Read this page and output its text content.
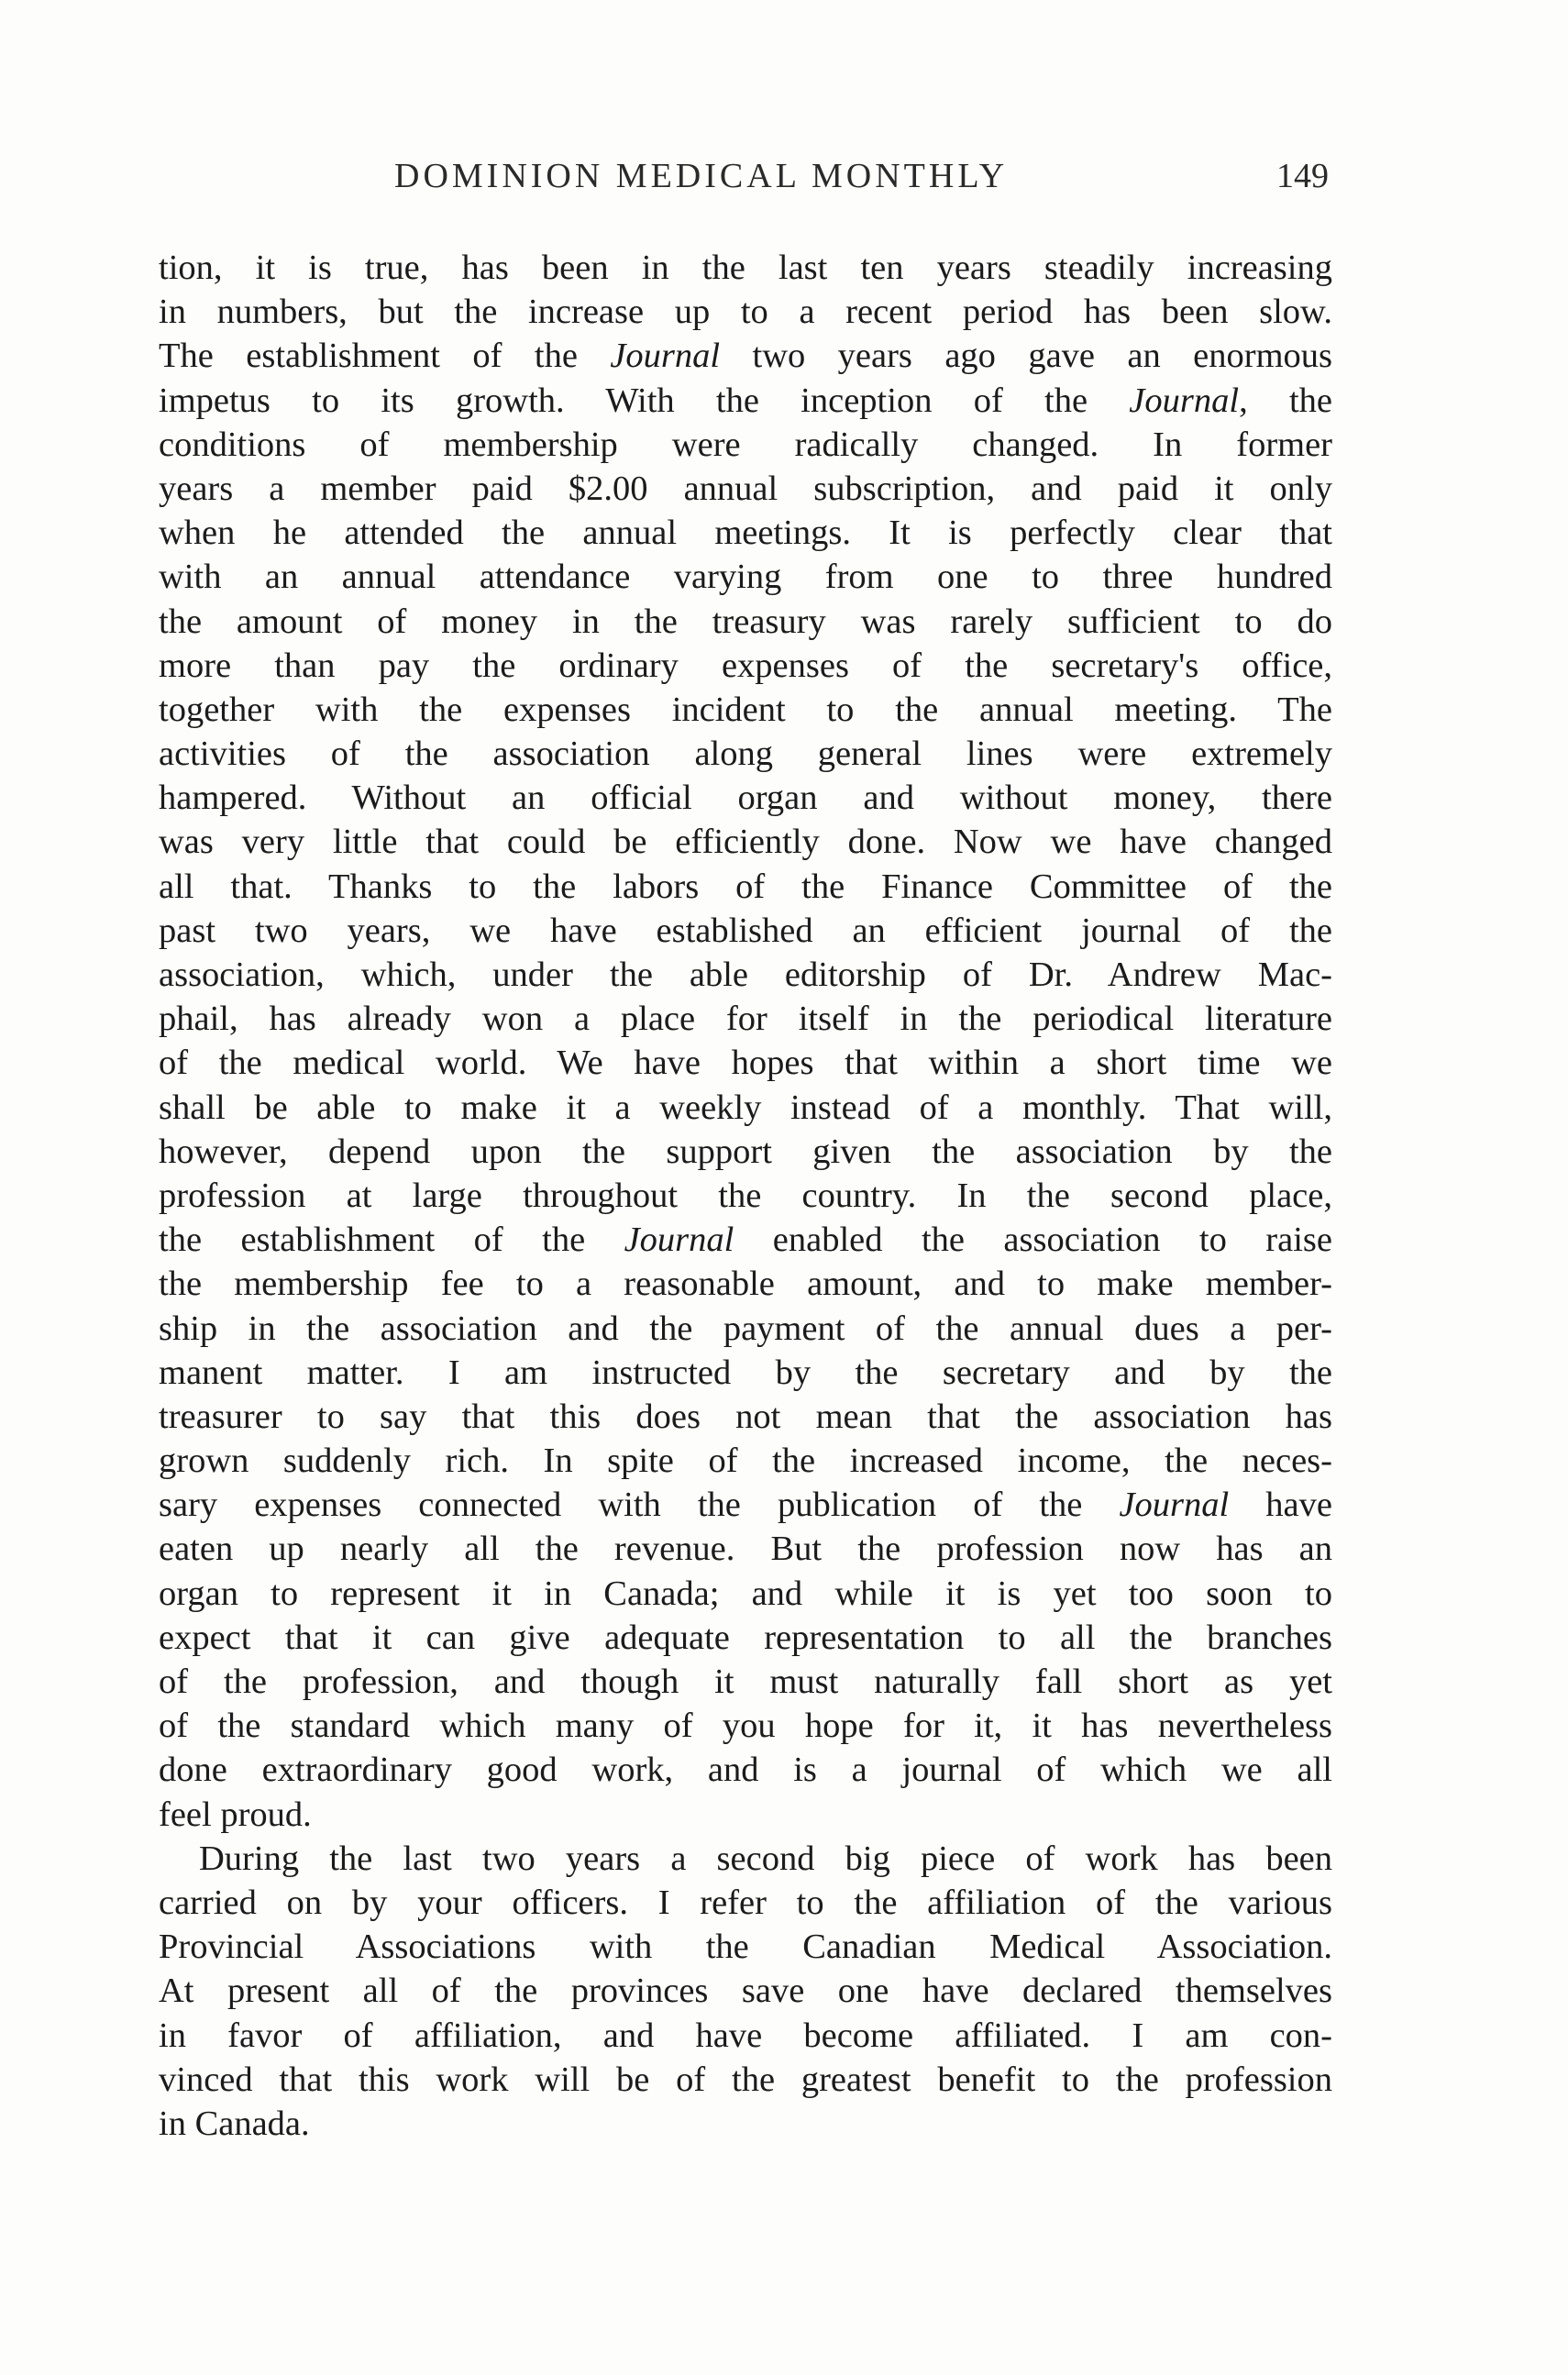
DOMINION MEDICAL MONTHLY	149
tion, it is true, has been in the last ten years steadily increasing
in numbers, but the increase up to a recent period has been slow.
The establishment of the Journal two years ago gave an enormous
impetus to its growth. With the inception of the Journal, the
conditions of membership were radically changed. In former
years a member paid $2.00 annual subscription, and paid it only
when he attended the annual meetings. It is perfectly clear that
with an annual attendance varying from one to three hundred
the amount of money in the treasury was rarely sufficient to do
more than pay the ordinary expenses of the secretary's office,
together with the expenses incident to the annual meeting. The
activities of the association along general lines were extremely
hampered. Without an official organ and without money, there
was very little that could be efficiently done. Now we have changed
all that. Thanks to the labors of the Finance Committee of the
past two years, we have established an efficient journal of the
association, which, under the able editorship of Dr. Andrew Mac-
phail, has already won a place for itself in the periodical literature
of the medical world. We have hopes that within a short time we
shall be able to make it a weekly instead of a monthly. That will,
however, depend upon the support given the association by the
profession at large throughout the country. In the second place,
the establishment of the Journal enabled the association to raise
the membership fee to a reasonable amount, and to make member-
ship in the association and the payment of the annual dues a per-
manent matter. I am instructed by the secretary and by the
treasurer to say that this does not mean that the association has
grown suddenly rich. In spite of the increased income, the neces-
sary expenses connected with the publication of the Journal have
eaten up nearly all the revenue. But the profession now has an
organ to represent it in Canada; and while it is yet too soon to
expect that it can give adequate representation to all the branches
of the profession, and though it must naturally fall short as yet
of the standard which many of you hope for it, it has nevertheless
done extraordinary good work, and is a journal of which we all
feel proud.
During the last two years a second big piece of work has been
carried on by your officers. I refer to the affiliation of the various
Provincial Associations with the Canadian Medical Association.
At present all of the provinces save one have declared themselves
in favor of affiliation, and have become affiliated. I am con-
vinced that this work will be of the greatest benefit to the profession
in Canada.
